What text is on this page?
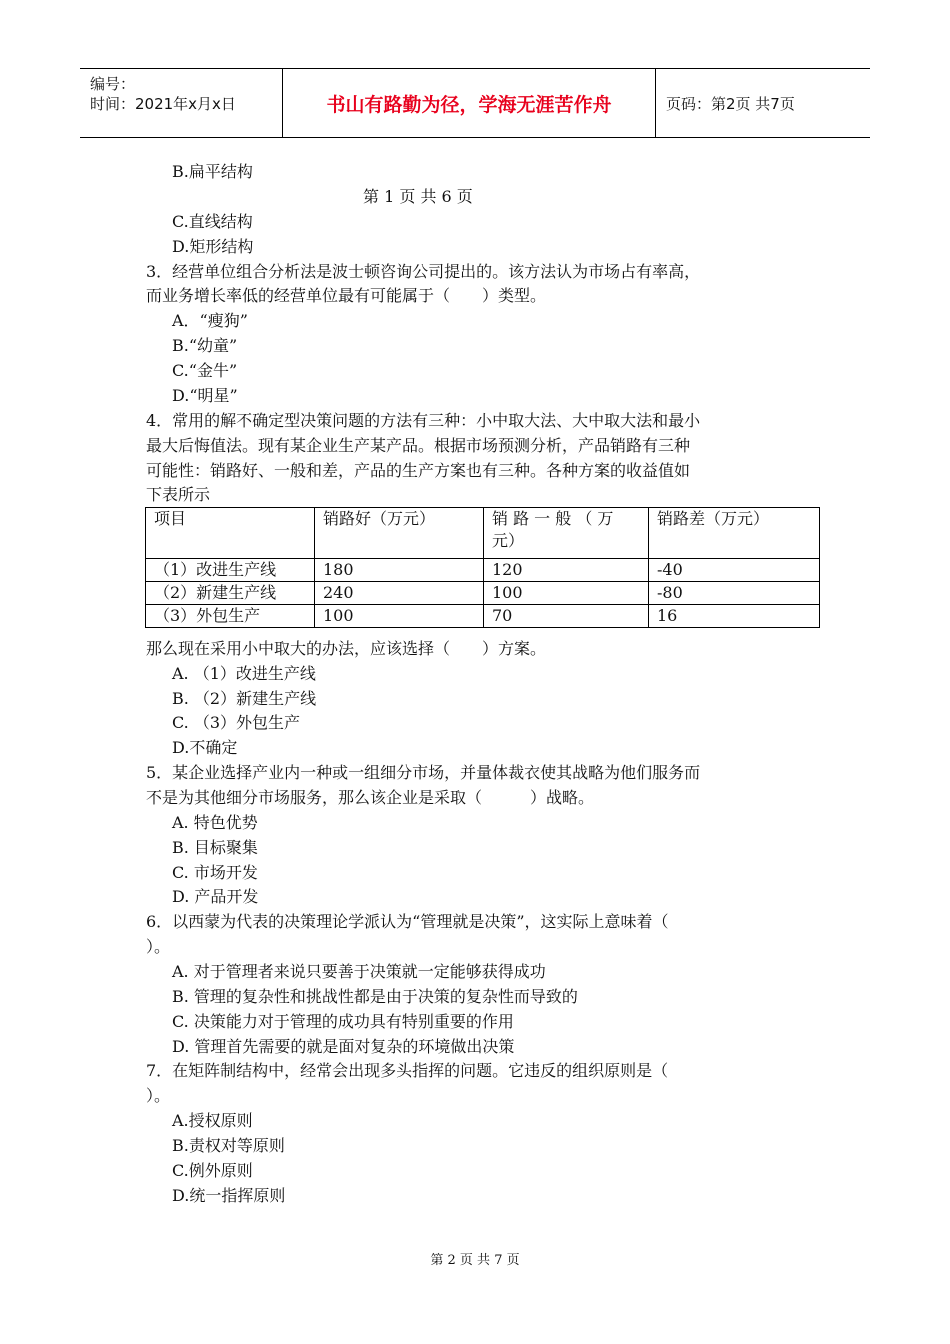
编号：
时间：2021年x月x日	书山有路勤为径，学海无涯苦作舟	页码：第2页 共7页
B.扁平结构
第 1 页 共 6 页
C.直线结构
D.矩形结构
3．经营单位组合分析法是波士顿咨询公司提出的。该方法认为市场占有率高，
而业务增长率低的经营单位最有可能属于（　　）类型。
A．“瘦狗”
B.“幼童”
C.“金牛”
D.“明星”
4．常用的解不确定型决策问题的方法有三种：小中取大法、大中取大法和最小
最大后悔值法。现有某企业生产某产品。根据市场预测分析，产品销路有三种
可能性：销路好、一般和差，产品的生产方案也有三种。各种方案的收益值如
下表所示
项目	销路好（万元）	销 路 一 般 （ 万 元）	销路差（万元）
（1）改进生产线	180	120	-40
（2）新建生产线	240	100	-80
（3）外包生产	100	70	16
那么现在采用小中取大的办法，应该选择（　　）方案。
A. （1）改进生产线
B. （2）新建生产线
C. （3）外包生产
D.不确定
5．某企业选择产业内一种或一组细分市场，并量体裁衣使其战略为他们服务而
不是为其他细分市场服务，那么该企业是采取（　　　）战略。
A. 特色优势
B. 目标聚集
C. 市场开发
D. 产品开发
6．以西蒙为代表的决策理论学派认为“管理就是决策”，这实际上意味着（
）。
A. 对于管理者来说只要善于决策就一定能够获得成功
B. 管理的复杂性和挑战性都是由于决策的复杂性而导致的
C. 决策能力对于管理的成功具有特别重要的作用
D. 管理首先需要的就是面对复杂的环境做出决策
7．在矩阵制结构中，经常会出现多头指挥的问题。它违反的组织原则是（
）。
A.授权原则
B.责权对等原则
C.例外原则
D.统一指挥原则
第 2 页 共 7 页
